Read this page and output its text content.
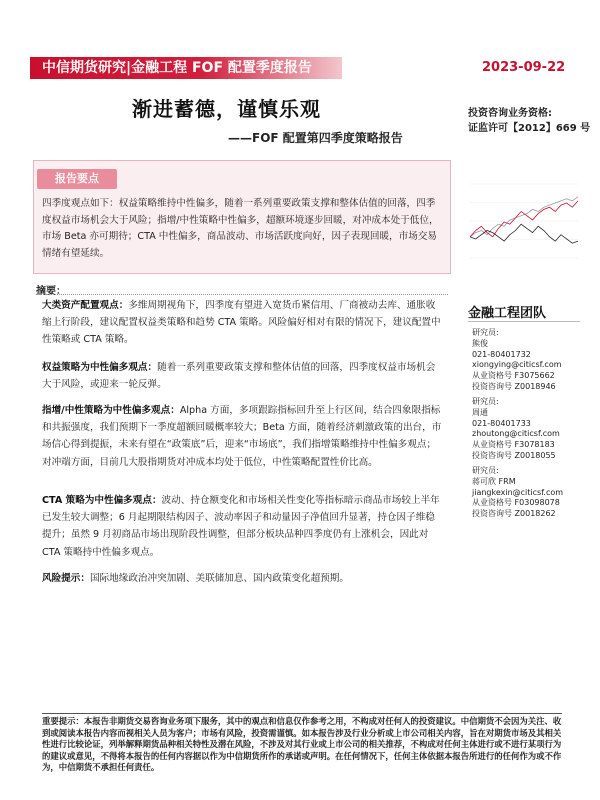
中信期货研究|金融工程 FOF 配置季度报告	2023-09-22
渐进蓄德，谨慎乐观
——FOF 配置第四季度策略报告
投资咨询业务资格:
证监许可【2012】669 号
报告要点
四季度观点如下：权益策略维持中性偏多，随着一系列重要政策支撑和整体估值的回落，四季度权益市场机会大于风险；指增/中性策略中性偏多，超额环境逐步回暖，对冲成本处于低位，市场 Beta 亦可期待；CTA 中性偏多，商品波动、市场活跃度向好，因子表现回暖，市场交易情绪有望延续。
摘要：
大类资产配置观点：多维周期视角下，四季度有望进入宽货币紧信用、厂商被动去库、通胀收缩上行阶段，建议配置权益类策略和趋势 CTA 策略。风险偏好相对有限的情况下，建议配置中性策略或 CTA 策略。
权益策略为中性偏多观点：随着一系列重要政策支撑和整体估值的回落，四季度权益市场机会大于风险，或迎来一轮反弹。
指增/中性策略为中性偏多观点：Alpha 方面，多项跟踪指标回升至上行区间，结合四象限指标和共振强度，我们预期下一季度超额回暖概率较大；Beta 方面，随着经济刺激政策的出台，市场信心得到提振，未来有望在“政策底”后，迎来“市场底”，我们指增策略维持中性偏多观点；对冲端方面，目前几大股指期货对冲成本均处于低位，中性策略配置性价比高。
CTA 策略为中性偏多观点：波动、持仓额变化和市场相关性变化等指标暗示商品市场较上半年已发生较大调整；6 月起期限结构因子、波动率因子和动量因子净值回升显著，持仓因子维稳提升；虽然 9 月初商品市场出现阶段性调整，但部分板块品种四季度仍有上涨机会，因此对 CTA 策略持中性偏多观点。
风险提示：国际地缘政治冲突加剧、美联储加息、国内政策变化超预期。
金融工程团队
研究员:
熊俊
021-80401732
xiongying@citicsf.com
从业资格号 F3075662
投资咨询号 Z0018946
研究员:
周通
021-80401733
zhoutong@citicsf.com
从业资格号 F3078183
投资咨询号 Z0018055
研究员:
蒋可欣 FRM
jiangkexin@citicsf.com
从业资格号 F03098078
投资咨询号 Z0018262
重要提示：本报告非期货交易咨询业务项下服务，其中的观点和信息仅作参考之用，不构成对任何人的投资建议。中信期货不会因为关注、收到或阅读本报告内容而视相关人员为客户；市场有风险，投资需谨慎。如本报告涉及行业分析或上市公司相关内容，旨在对期货市场及其相关性进行比较论证，列举解释期货品种相关特性及潜在风险，不涉及对其行业或上市公司的相关推荐，不构成对任何主体进行或不进行某项行为的建议或意见，不得将本报告的任何内容据以作为中信期货所作的承诺或声明。在任何情况下，任何主体依据本报告所进行的任何作为或不作为，中信期货不承担任何责任。
